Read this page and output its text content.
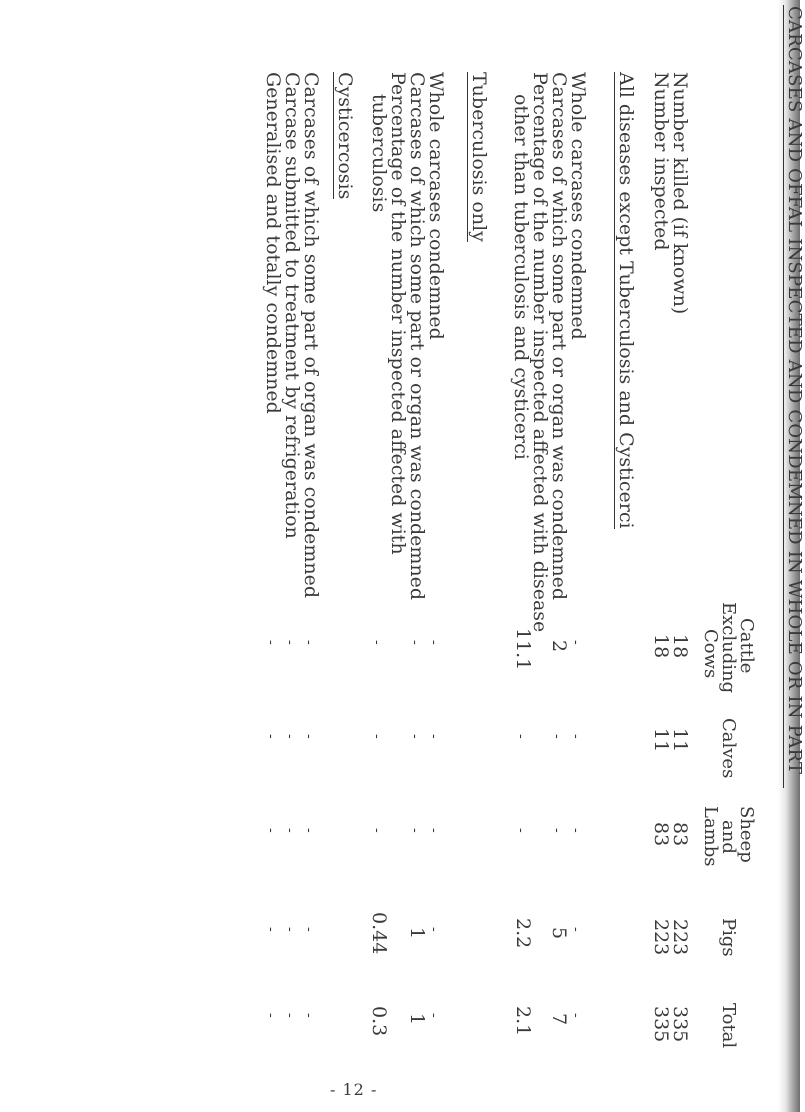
CARCASES AND OFFAL INSPECTED AND CONDEMNED IN WHOLE OR IN PART
Cattle
Excluding
Cows
Calves
Sheep
and
Lambs
Pigs
Total
Number killed (if known)
Number inspected
All diseases except Tuberculosis and Cysticerci
Whole carcases condemned
Carcases of which some part or organ was condemned
Percentage of the number inspected affected with disease
other than tuberculosis and cysticerci
Tuberculosis only
Whole carcases condemned
Carcases of which some part or organ was condemned
Percentage of the number inspected affected with
tuberculosis
Cysticercosis
Carcases of which some part of organ was condemned
Carcase submitted to treatment by refrigeration
Generalised and totally condemned
18
11
83
223
335
18
11
83
223
335
-
-
-
-
-
2
-
-
5
7
11.1
-
-
2.2
2.1
-
-
-
-
-
-
-
-
1
1
-
-
-
0.44
0.3
-
-
-
-
-
-
-
-
-
-
-
-
-
-
-
- 12 -
